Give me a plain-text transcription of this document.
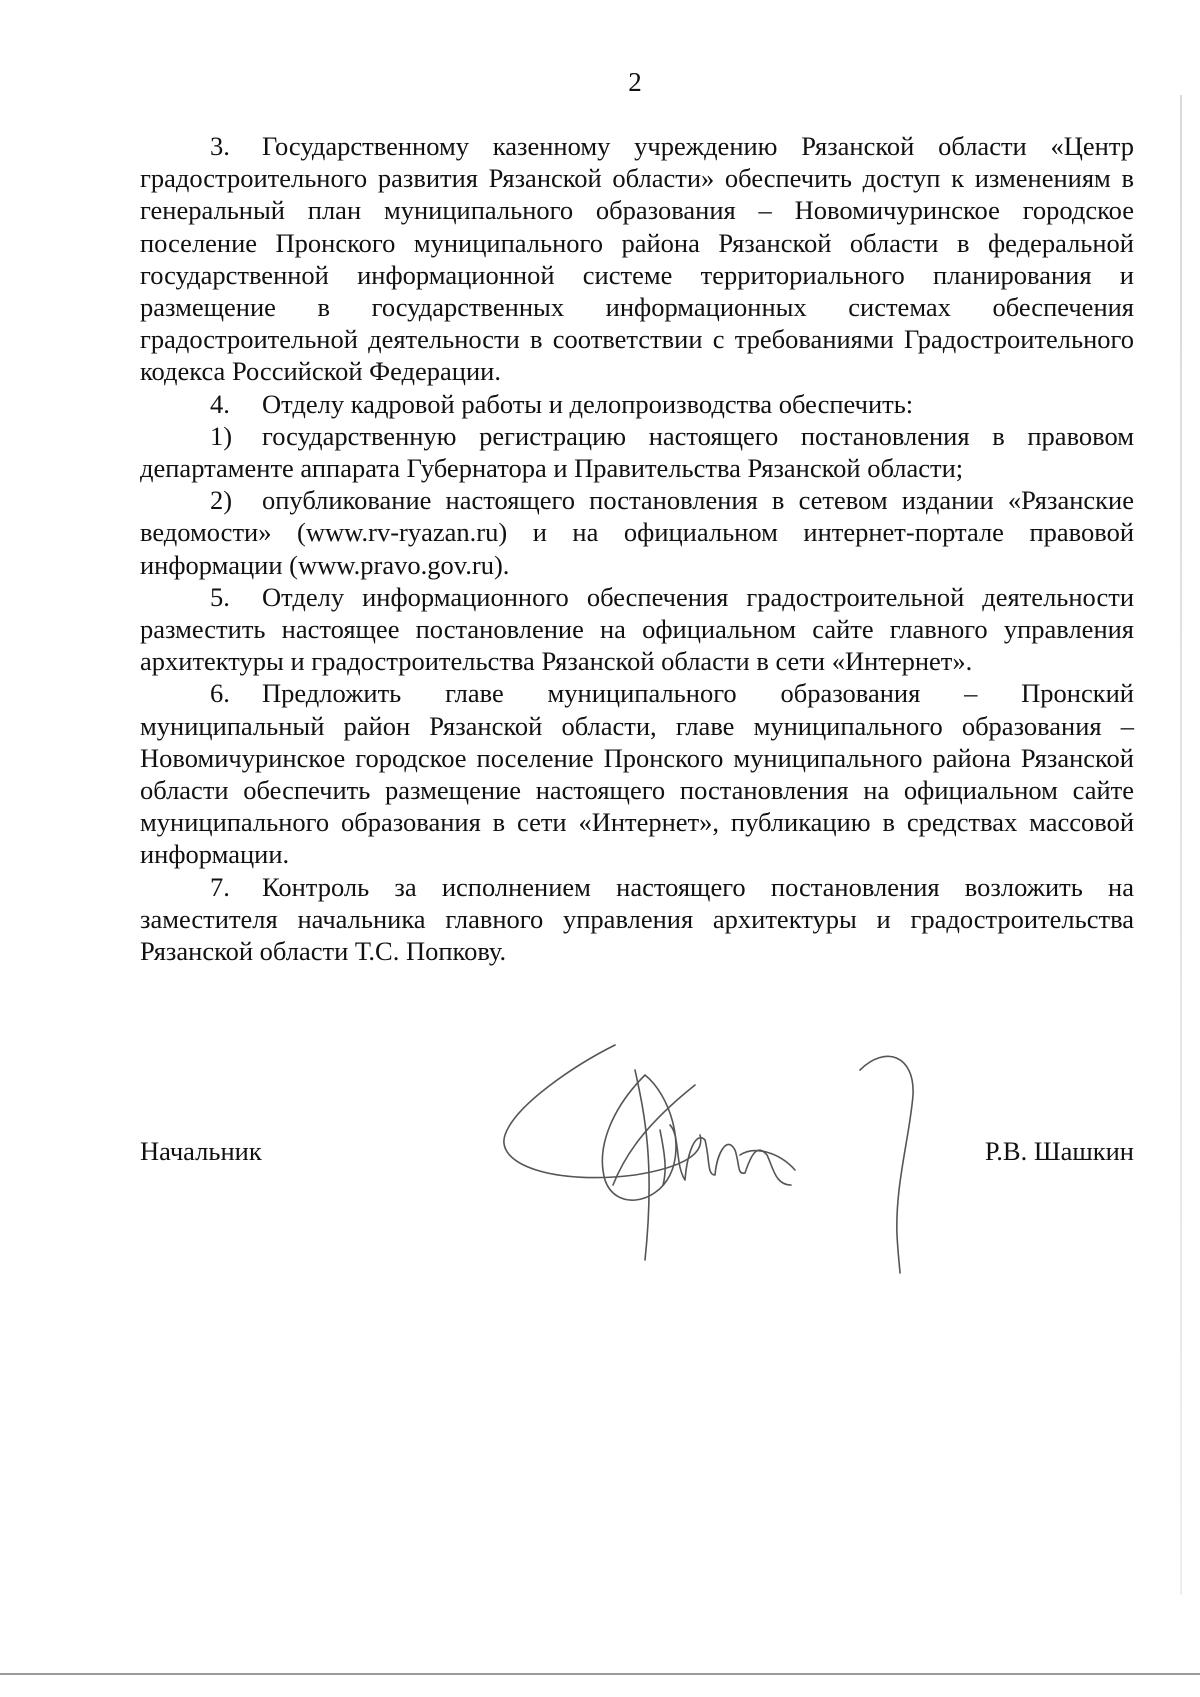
2

3. Государственному казенному учреждению Рязанской области «Центр градостроительного развития Рязанской области» обеспечить доступ к изменениям в генеральный план муниципального образования – Новомичуринское городское поселение Пронского муниципального района Рязанской области в федеральной государственной информационной системе территориального планирования и размещение в государственных информационных системах обеспечения градостроительной деятельности в соответствии с требованиями Градостроительного кодекса Российской Федерации.

4. Отделу кадровой работы и делопроизводства обеспечить:

1) государственную регистрацию настоящего постановления в правовом департаменте аппарата Губернатора и Правительства Рязанской области;

2) опубликование настоящего постановления в сетевом издании «Рязанские ведомости» (www.rv-ryazan.ru) и на официальном интернет-портале правовой информации (www.pravo.gov.ru).

5. Отделу информационного обеспечения градостроительной деятельности разместить настоящее постановление на официальном сайте главного управления архитектуры и градостроительства Рязанской области в сети «Интернет».

6. Предложить главе муниципального образования – Пронский муниципальный район Рязанской области, главе муниципального образования – Новомичуринское городское поселение Пронского муниципального района Рязанской области обеспечить размещение настоящего постановления на официальном сайте муниципального образования в сети «Интернет», публикацию в средствах массовой информации.

7. Контроль за исполнением настоящего постановления возложить на заместителя начальника главного управления архитектуры и градостроительства Рязанской области Т.С. Попкову.

Начальник	Р.В. Шашкин
